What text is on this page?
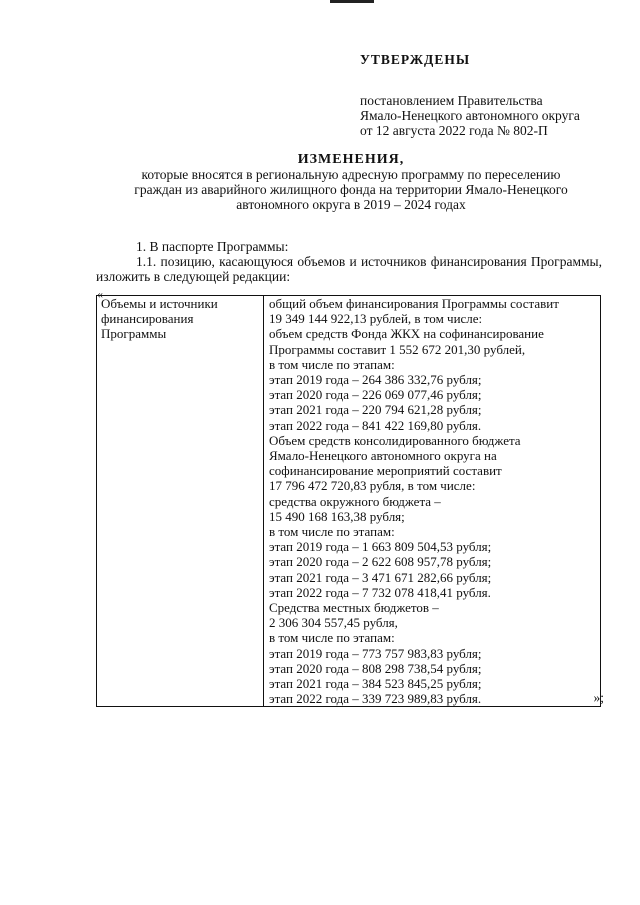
УТВЕРЖДЕНЫ
постановлением Правительства
Ямало-Ненецкого автономного округа
от 12 августа 2022 года № 802-П
ИЗМЕНЕНИЯ,
которые вносятся в региональную адресную программу по переселению
граждан из аварийного жилищного фонда на территории Ямало-Ненецкого
автономного округа в 2019 – 2024 годах
1. В паспорте Программы:
1.1. позицию, касающуюся объемов и источников финансирования Программы, изложить в следующей редакции:
«
Объемы и источники
финансирования
Программы

общий объем финансирования Программы составит
19 349 144 922,13 рублей, в том числе:
объем средств Фонда ЖКХ на софинансирование
Программы составит 1 552 672 201,30 рублей,
в том числе по этапам:
этап 2019 года – 264 386 332,76 рубля;
этап 2020 года – 226 069 077,46 рубля;
этап 2021 года – 220 794 621,28 рубля;
этап 2022 года – 841 422 169,80 рубля.
Объем средств консолидированного бюджета
Ямало-Ненецкого автономного округа на
софинансирование мероприятий составит
17 796 472 720,83 рубля, в том числе:
средства окружного бюджета –
15 490 168 163,38 рубля;
в том числе по этапам:
этап 2019 года – 1 663 809 504,53 рубля;
этап 2020 года – 2 622 608 957,78 рубля;
этап 2021 года – 3 471 671 282,66 рубля;
этап 2022 года – 7 732 078 418,41 рубля.
Средства местных бюджетов –
2 306 304 557,45 рубля,
в том числе по этапам:
этап 2019 года – 773 757 983,83 рубля;
этап 2020 года – 808 298 738,54 рубля;
этап 2021 года – 384 523 845,25 рубля;
этап 2022 года – 339 723 989,83 рубля.	»;
